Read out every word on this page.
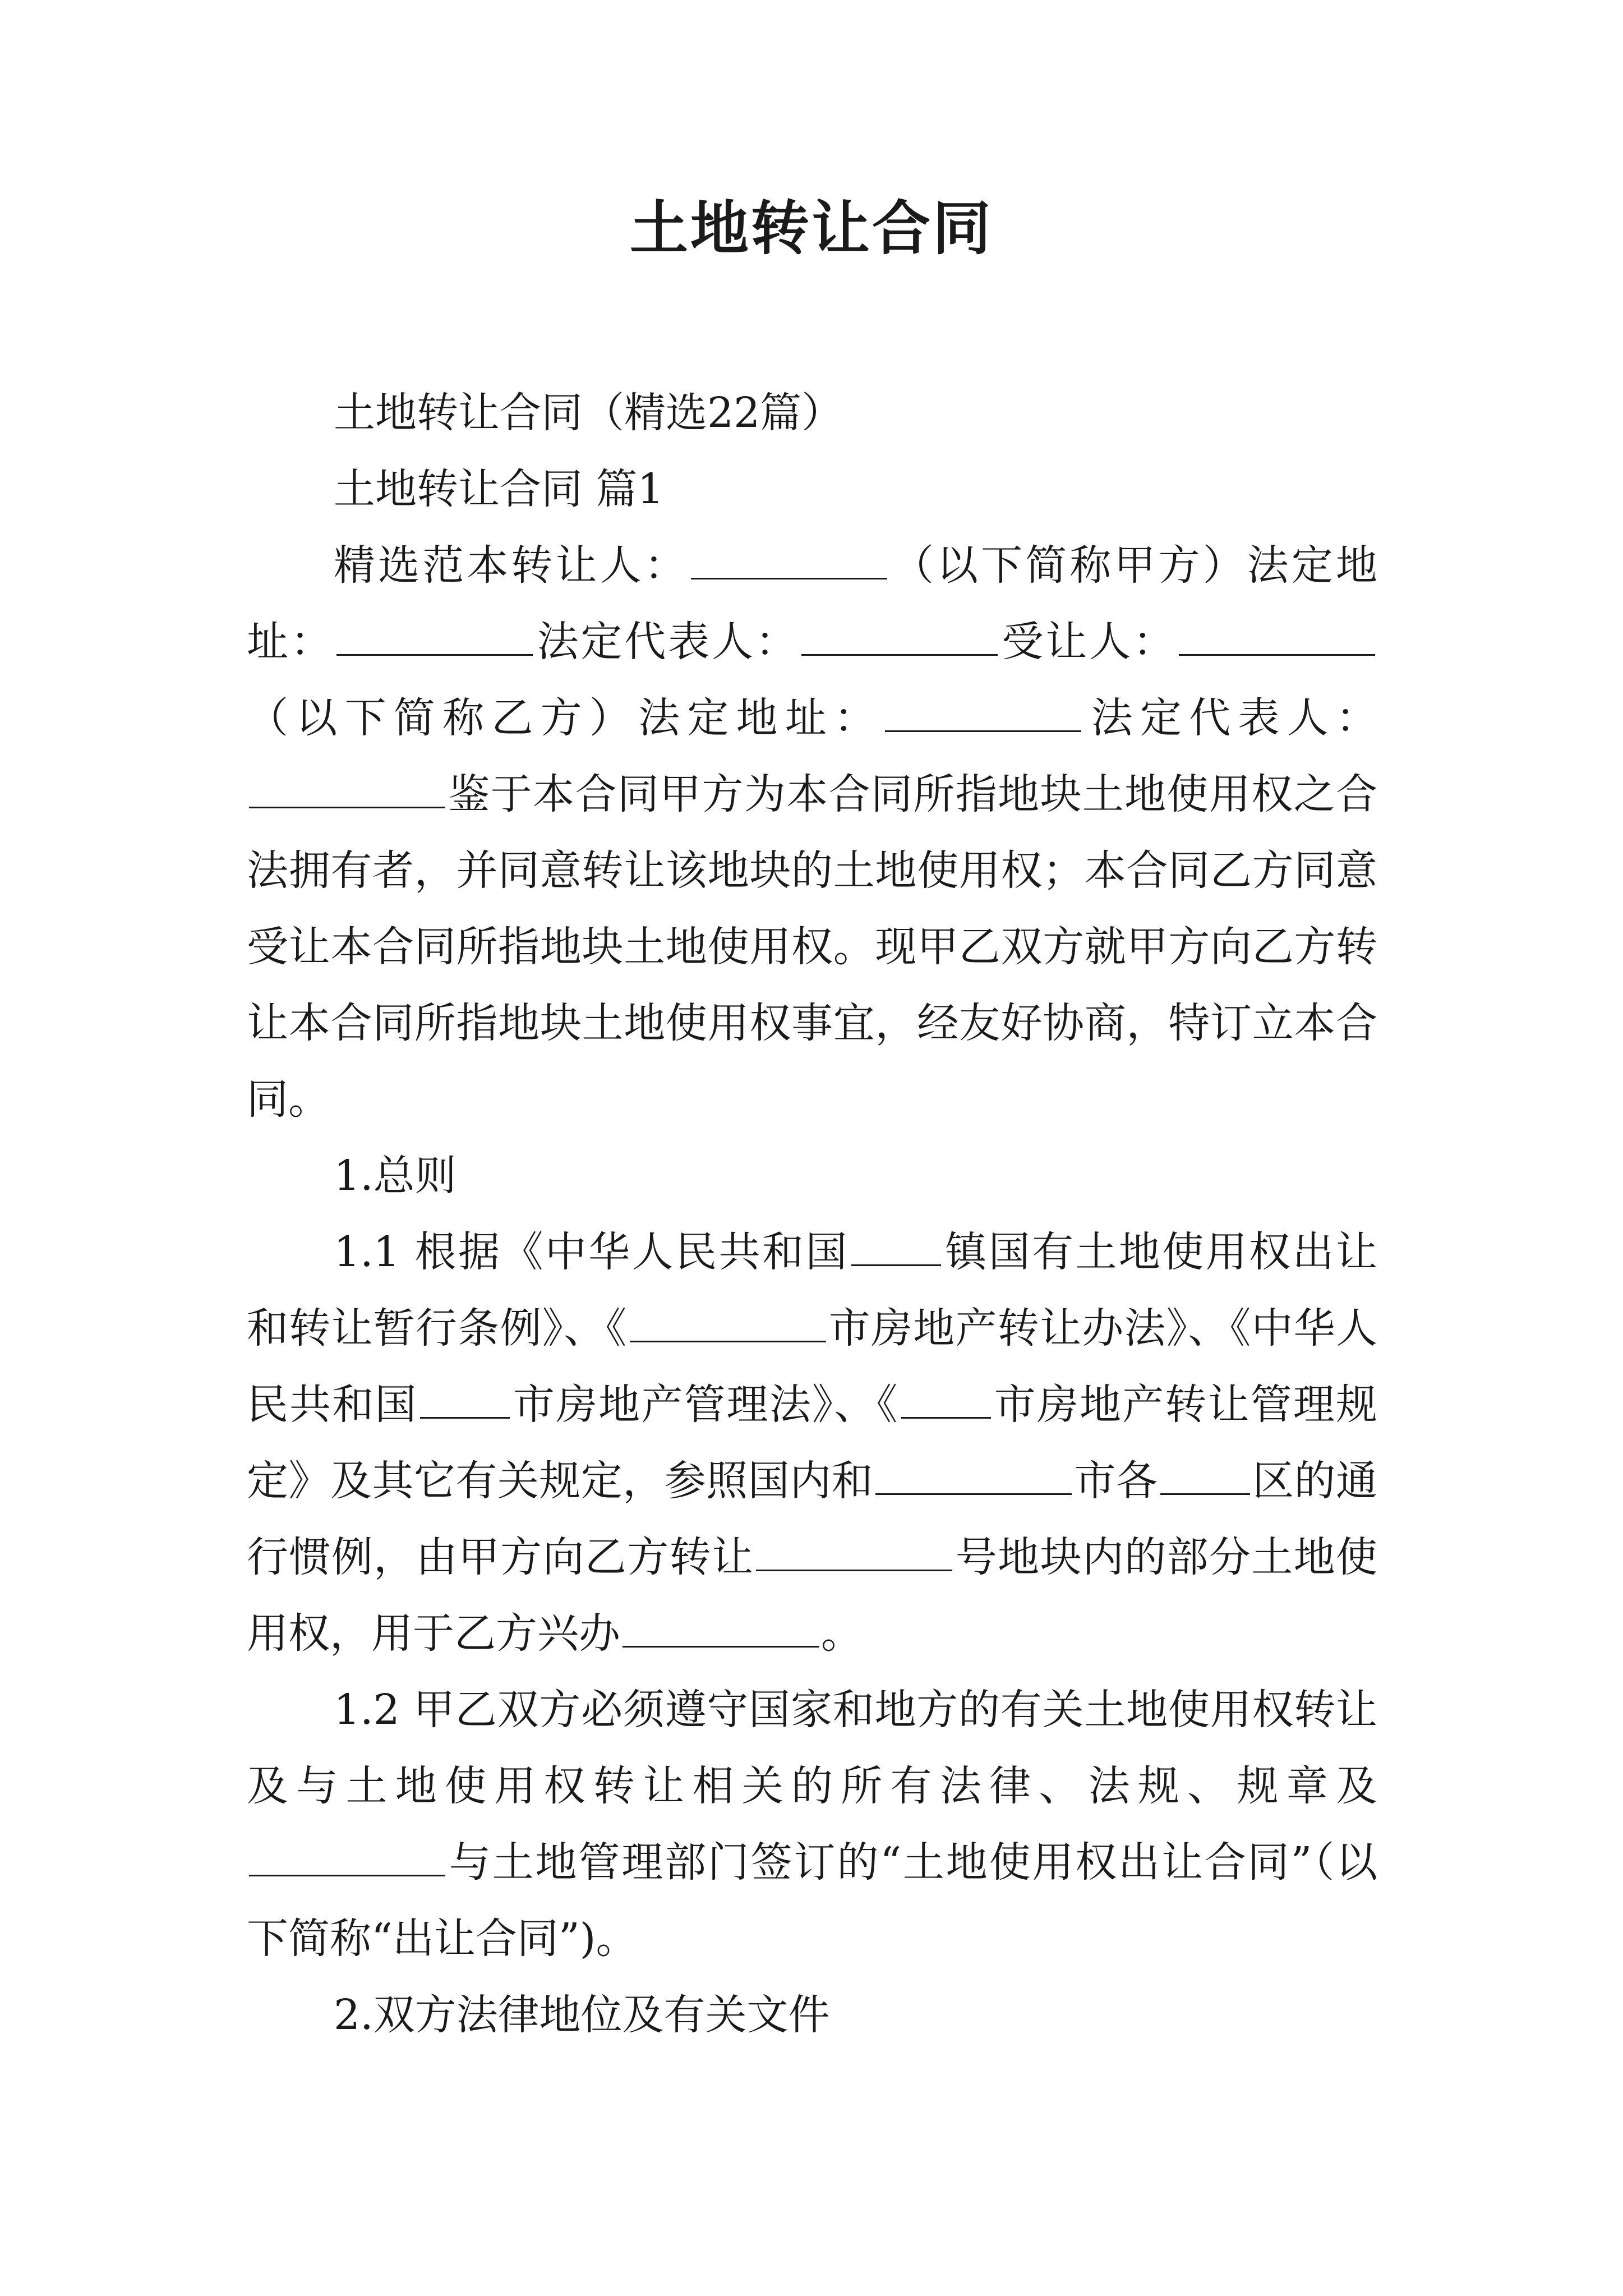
土地转让合同

土地转让合同（精选22篇）

土地转让合同 篇1

精选范本转让人：	（以下简称甲方）法定地址：	法定代表人：	受让人：（以下简称乙方）法定地址：	法定代表人：鉴于本合同甲方为本合同所指地块土地使用权之合法拥有者，并同意转让该地块的土地使用权；本合同乙方同意受让本合同所指地块土地使用权。现甲乙双方就甲方向乙方转让本合同所指地块土地使用权事宜，经友好协商，特订立本合同。

1.总则

1.1 根据《中华人民共和国 镇国有土地使用权出让和转让暂行条例》、《	市房地产转让办法》、《中华人民共和国 市房地产管理法》、《 市房地产转让管理规定》及其它有关规定，参照国内和	市各 区的通行惯例，由甲方向乙方转让	号地块内的部分土地使用权，用于乙方兴办	。

1.2 甲乙双方必须遵守国家和地方的有关土地使用权转让及与土地使用权转让相关的所有法律、法规、规章及与土地管理部门签订的“土地使用权出让合同”（以下简称“出让合同”)。

2.双方法律地位及有关文件
